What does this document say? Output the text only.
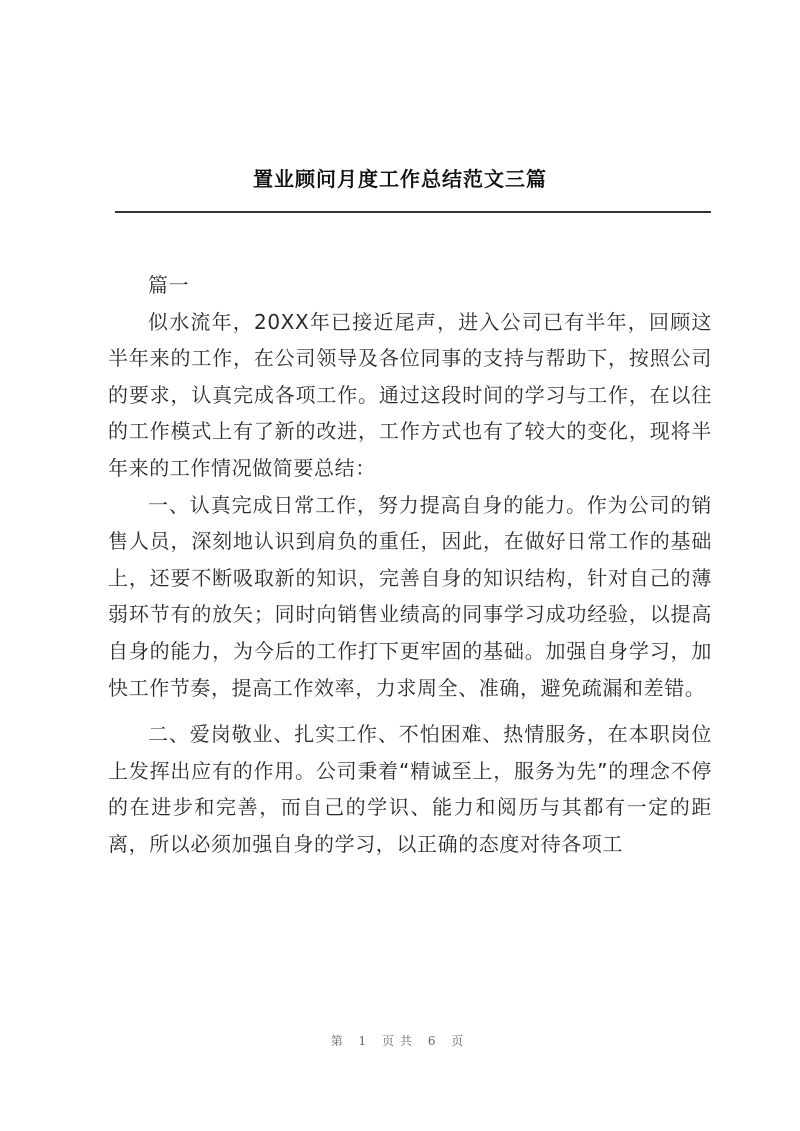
置业顾问月度工作总结范文三篇

篇一

似水流年，20XX年已接近尾声，进入公司已有半年，回顾这半年来的工作，在公司领导及各位同事的支持与帮助下，按照公司的要求，认真完成各项工作。通过这段时间的学习与工作，在以往的工作模式上有了新的改进，工作方式也有了较大的变化，现将半年来的工作情况做简要总结：

一、认真完成日常工作，努力提高自身的能力。作为公司的销售人员，深刻地认识到肩负的重任，因此，在做好日常工作的基础上，还要不断吸取新的知识，完善自身的知识结构，针对自己的薄弱环节有的放矢；同时向销售业绩高的同事学习成功经验，以提高自身的能力，为今后的工作打下更牢固的基础。加强自身学习，加快工作节奏，提高工作效率，力求周全、准确，避免疏漏和差错。

二、爱岗敬业、扎实工作、不怕困难、热情服务，在本职岗位上发挥出应有的作用。公司秉着“精诚至上，服务为先”的理念不停的在进步和完善，而自己的学识、能力和阅历与其都有一定的距离，所以必须加强自身的学习，以正确的态度对待各项工

第 1 页共 6 页
